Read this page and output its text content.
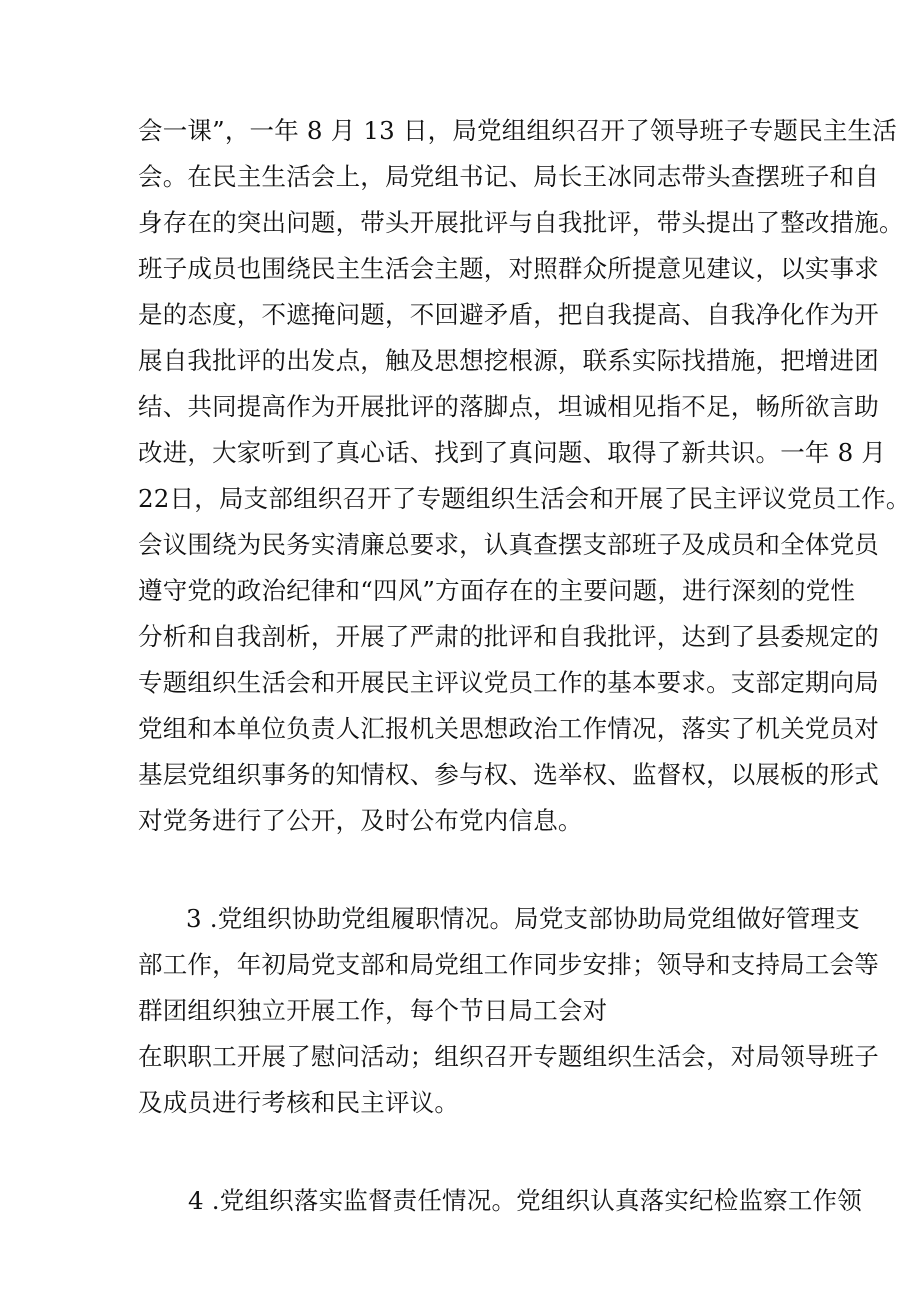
会一课”，一年 8 月 13 日，局党组组织召开了领导班子专题民主生活
会。在民主生活会上，局党组书记、局长王冰同志带头查摆班子和自
身存在的突出问题，带头开展批评与自我批评，带头提出了整改措施。
班子成员也围绕民主生活会主题，对照群众所提意见建议，以实事求
是的态度，不遮掩问题，不回避矛盾，把自我提高、自我净化作为开
展自我批评的出发点，触及思想挖根源，联系实际找措施，把增进团
结、共同提高作为开展批评的落脚点，坦诚相见指不足，畅所欲言助
改进，大家听到了真心话、找到了真问题、取得了新共识。一年 8 月
22日，局支部组织召开了专题组织生活会和开展了民主评议党员工作。
会议围绕为民务实清廉总要求，认真查摆支部班子及成员和全体党员
遵守党的政治纪律和“四风”方面存在的主要问题，进行深刻的党性
分析和自我剖析，开展了严肃的批评和自我批评，达到了县委规定的
专题组织生活会和开展民主评议党员工作的基本要求。支部定期向局
党组和本单位负责人汇报机关思想政治工作情况，落实了机关党员对
基层党组织事务的知情权、参与权、选举权、监督权，以展板的形式
对党务进行了公开，及时公布党内信息。
3 .党组织协助党组履职情况。局党支部协助局党组做好管理支
部工作，年初局党支部和局党组工作同步安排；领导和支持局工会等
群团组织独立开展工作，每个节日局工会对
在职职工开展了慰问活动；组织召开专题组织生活会，对局领导班子
及成员进行考核和民主评议。
4 .党组织落实监督责任情况。党组织认真落实纪检监察工作领
